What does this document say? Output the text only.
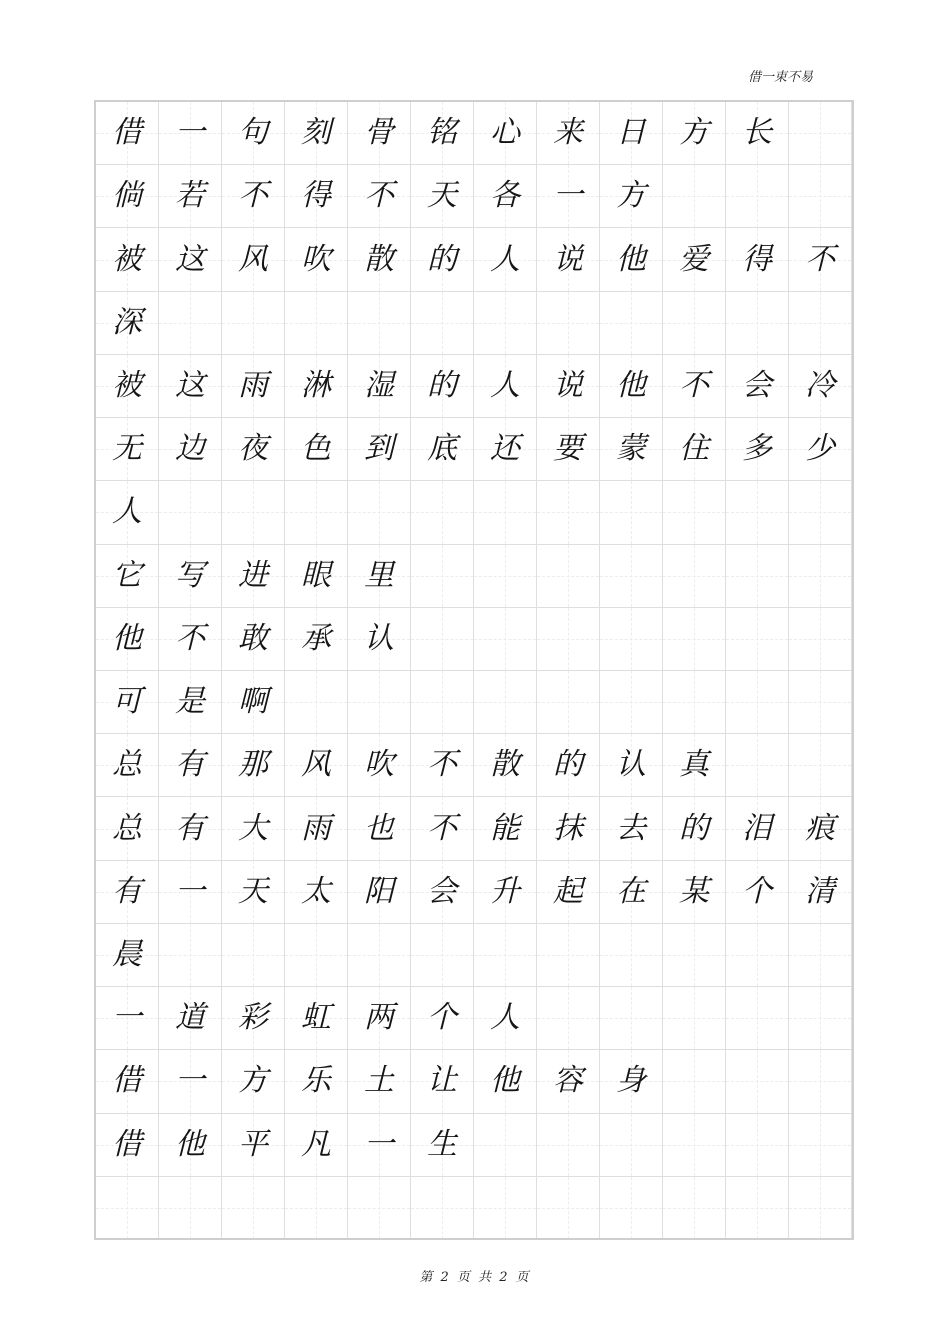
借一束不易
借 一 句 刻 骨 铭 心 来 日 方 长
倘 若 不 得 不 天 各 一 方
被 这 风 吹 散 的 人 说 他 爱 得 不
深
被 这 雨 淋 湿 的 人 说 他 不 会 冷
无 边 夜 色 到 底 还 要 蒙 住 多 少
人
它 写 进 眼 里
他 不 敢 承 认
可 是 啊
总 有 那 风 吹 不 散 的 认 真
总 有 大 雨 也 不 能 抹 去 的 泪 痕
有 一 天 太 阳 会 升 起 在 某 个 清
晨
一 道 彩 虹 两 个 人
借 一 方 乐 土 让 他 容 身
借 他 平 凡 一 生
第 2 页 共 2 页
